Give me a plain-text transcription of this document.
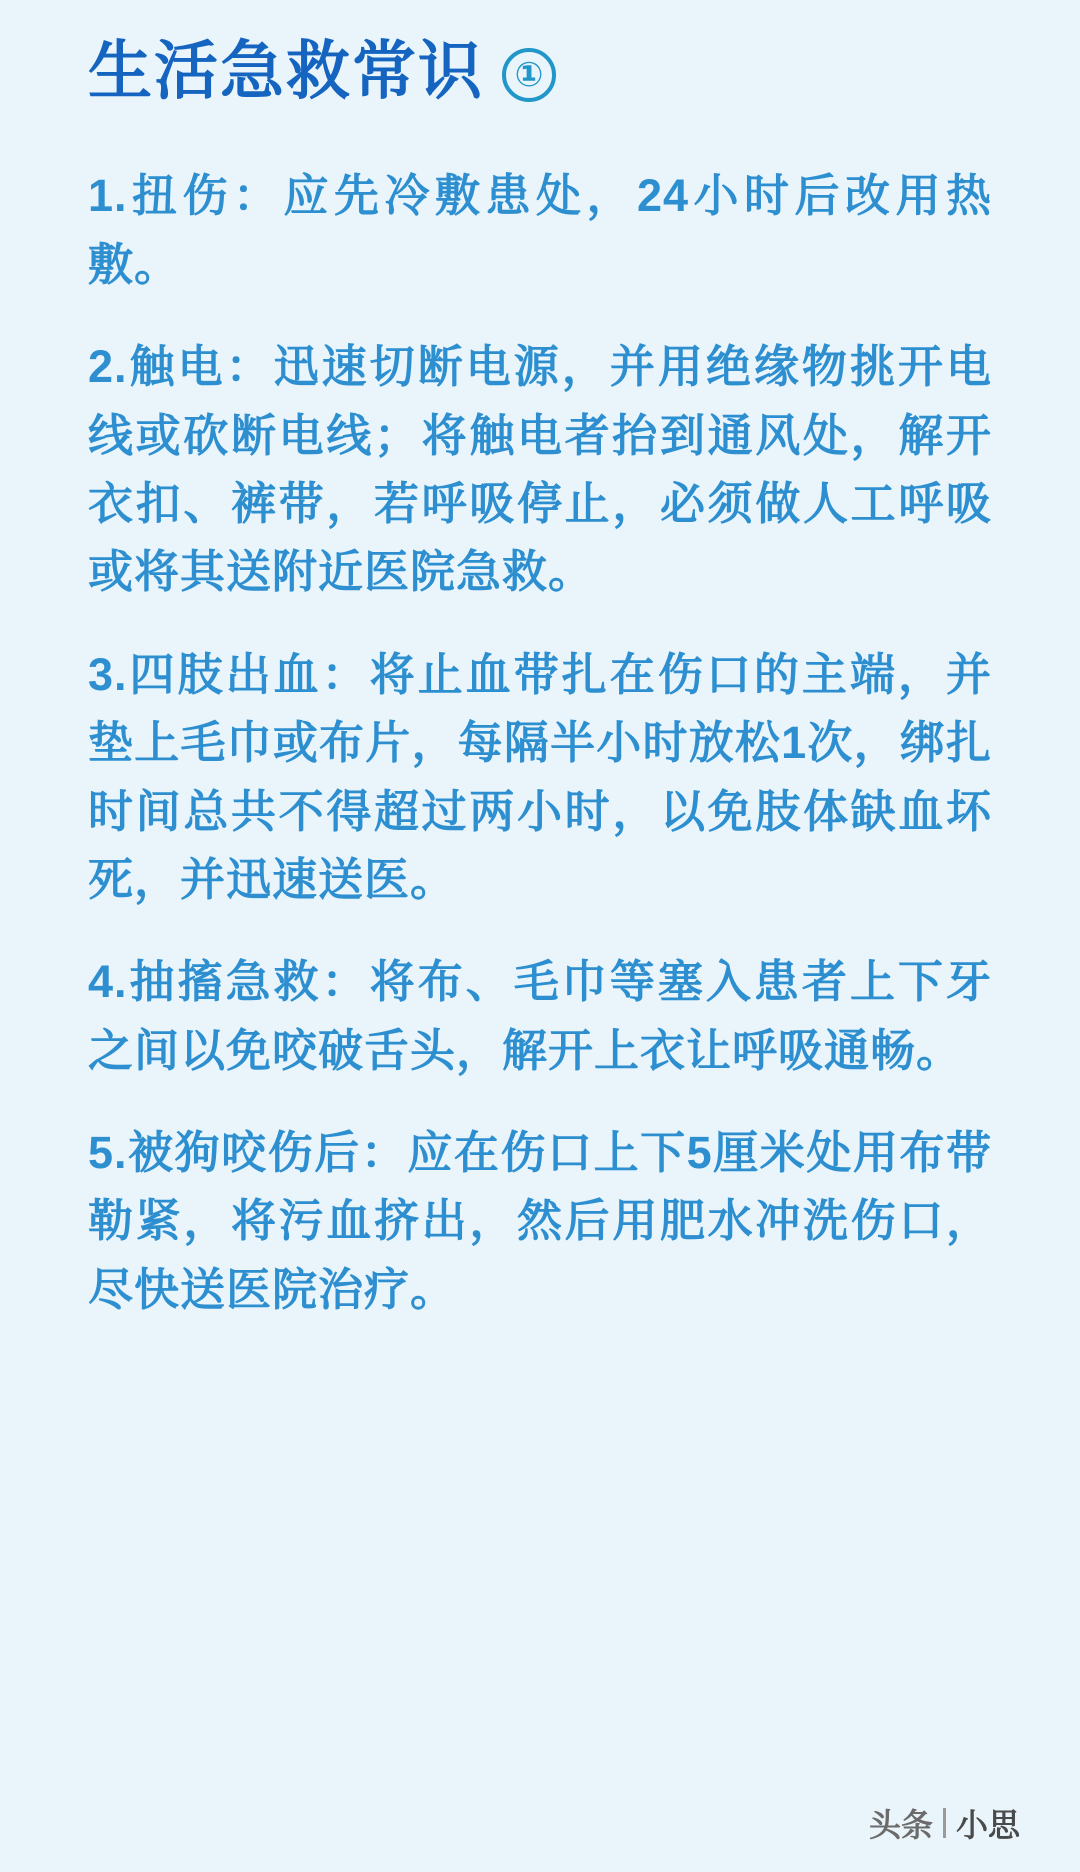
生活急救常识 ①

1.扭伤：应先冷敷患处，24小时后改用热敷。

2.触电：迅速切断电源，并用绝缘物挑开电线或砍断电线；将触电者抬到通风处，解开衣扣、裤带，若呼吸停止，必须做人工呼吸或将其送附近医院急救。

3.四肢出血：将止血带扎在伤口的主端，并垫上毛巾或布片，每隔半小时放松1次，绑扎时间总共不得超过两小时，以免肢体缺血坏死，并迅速送医。

4.抽搐急救：将布、毛巾等塞入患者上下牙之间以免咬破舌头，解开上衣让呼吸通畅。

5.被狗咬伤后：应在伤口上下5厘米处用布带勒紧，将污血挤出，然后用肥水冲洗伤口，尽快送医院治疗。

头条 小思
